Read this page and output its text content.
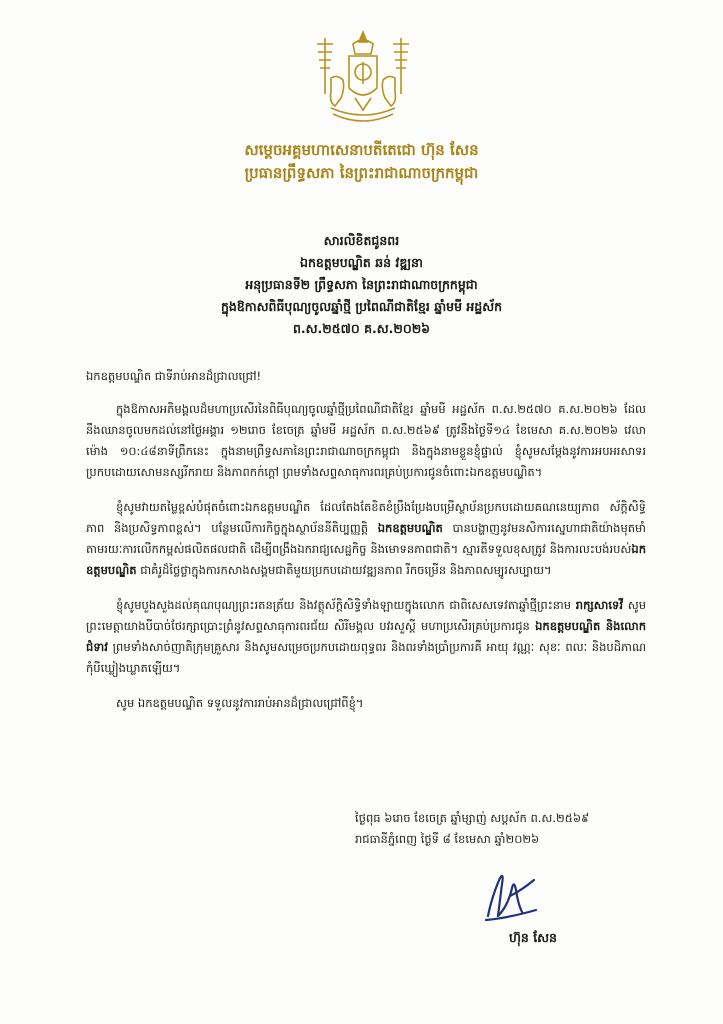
សម្ដេចអគ្គមហាសេនាបតីតេជោ ហ៊ុន សែន
ប្រធានព្រឹទ្ធសភា នៃព្រះរាជាណាចក្រកម្ពុជា
សារលិខិតជូនពរ
ឯកឧត្តមបណ្ឌិត ឆន់ វឌ្ឍនា
អនុប្រធានទី២ ព្រឹទ្ធសភា នៃព្រះរាជាណាចក្រកម្ពុជា
ក្នុងឱកាសពិធីបុណ្យចូលឆ្នាំថ្មី ប្រពៃណីជាតិខ្មែរ ឆ្នាំមមី អដ្ឋស័ក
ព.ស.២៥៧០ គ.ស.២០២៦

ឯកឧត្តមបណ្ឌិត ជាទីរាប់អានដ៏ជ្រាលជ្រៅ!

ក្នុងឱកាសអភិមង្គលដ៏មហាប្រសើរនៃពិធីបុណ្យចូលឆ្នាំថ្មីប្រពៃណីជាតិខ្មែរ ឆ្នាំមមី អដ្ឋស័ក ព.ស.២៥៧០ គ.ស.២០២៦ ដែលនឹងឈានចូលមកដល់នៅថ្ងៃអង្គារ ១២រោច ខែចេត្រ ឆ្នាំមមី អដ្ឋស័ក ព.ស.២៥៦៩ ត្រូវនឹងថ្ងៃទី១៤ ខែមេសា គ.ស.២០២៦ វេលាម៉ោង ១០:៤៨នាទីព្រឹកនេះ ក្នុងនាមព្រឹទ្ធសភានៃព្រះរាជាណាចក្រកម្ពុជា និងក្នុងនាមខ្លួនខ្ញុំផ្ទាល់ ខ្ញុំសូមសម្ដែងនូវការអបអរសាទរប្រកបដោយសោមនស្សរីករាយ និងភាពកក់ក្ដៅ ព្រមទាំងសព្ទសាធុការពរគ្រប់ប្រការជូនចំពោះឯកឧត្តមបណ្ឌិត។

ខ្ញុំសូមវាយតម្លៃខ្ពស់បំផុតចំពោះឯកឧត្តមបណ្ឌិត ដែលតែងតែខិតខំប្រឹងប្រែងបម្រើស្ថាប័នប្រកបដោយគណនេយ្យភាព ស័ក្ដិសិទ្ធិភាព និងប្រសិទ្ធភាពខ្ពស់។ បន្ថែមលើការកិច្ចក្នុងស្ថាប័ននីតិប្បញ្ញត្តិ ឯកឧត្តមបណ្ឌិត បានបង្ហាញនូវមនសិការស្នេហាជាតិយ៉ាងមុតមាំ តាមរយៈការលើកកម្ពស់ផលិតផលជាតិ ដើម្បីពង្រឹងឯករាជ្យសេដ្ឋកិច្ច និងមោទនភាពជាតិ។ ស្មារតីទទួលខុសត្រូវ និងការលះបង់របស់ឯកឧត្តមបណ្ឌិត ជាគំរូដ៏ថ្លៃថ្លាក្នុងការកសាងសង្គមជាតិមួយប្រកបដោយវឌ្ឍនភាព រីកចម្រើន និងភាពសម្បូរសប្បាយ។

ខ្ញុំសូមបួងសួងដល់គុណបុណ្យព្រះរតនត្រ័យ និងវត្ថុស័ក្ដិសិទ្ធិទាំងឡាយក្នុងលោក ជាពិសេសទេវតាឆ្នាំថ្មីព្រះនាម រាក្សសាទេវី សូមព្រះមេត្តាយាងបីបាច់ថែរក្សាប្រោះព្រំនូវសព្ទសាធុការពរជ័យ សិរីមង្គល បវរសួស្ដី មហាប្រសើរគ្រប់ប្រការជូន ឯកឧត្តមបណ្ឌិត និងលោកជំទាវ ព្រមទាំងសាច់ញាតិក្រុមគ្រួសារ និងសូមសម្រេចប្រកបដោយពុទ្ធពរ និងពរទាំងប្រាំប្រការគឺ អាយុ វណ្ណៈ សុខៈ ពលៈ និងបដិភាណ កុំបីឃ្លៀងឃ្លាតឡើយ។

សូម ឯកឧត្តមបណ្ឌិត ទទួលនូវការរាប់អានដ៏ជ្រាលជ្រៅពីខ្ញុំ។

ថ្ងៃពុធ ៦រោច ខែចេត្រ ឆ្នាំម្សាញ់ សប្តស័ក ព.ស.២៥៦៩
រាជធានីភ្នំពេញ ថ្ងៃទី ៨ ខែមេសា ឆ្នាំ២០២៦
ហ៊ុន សែន
